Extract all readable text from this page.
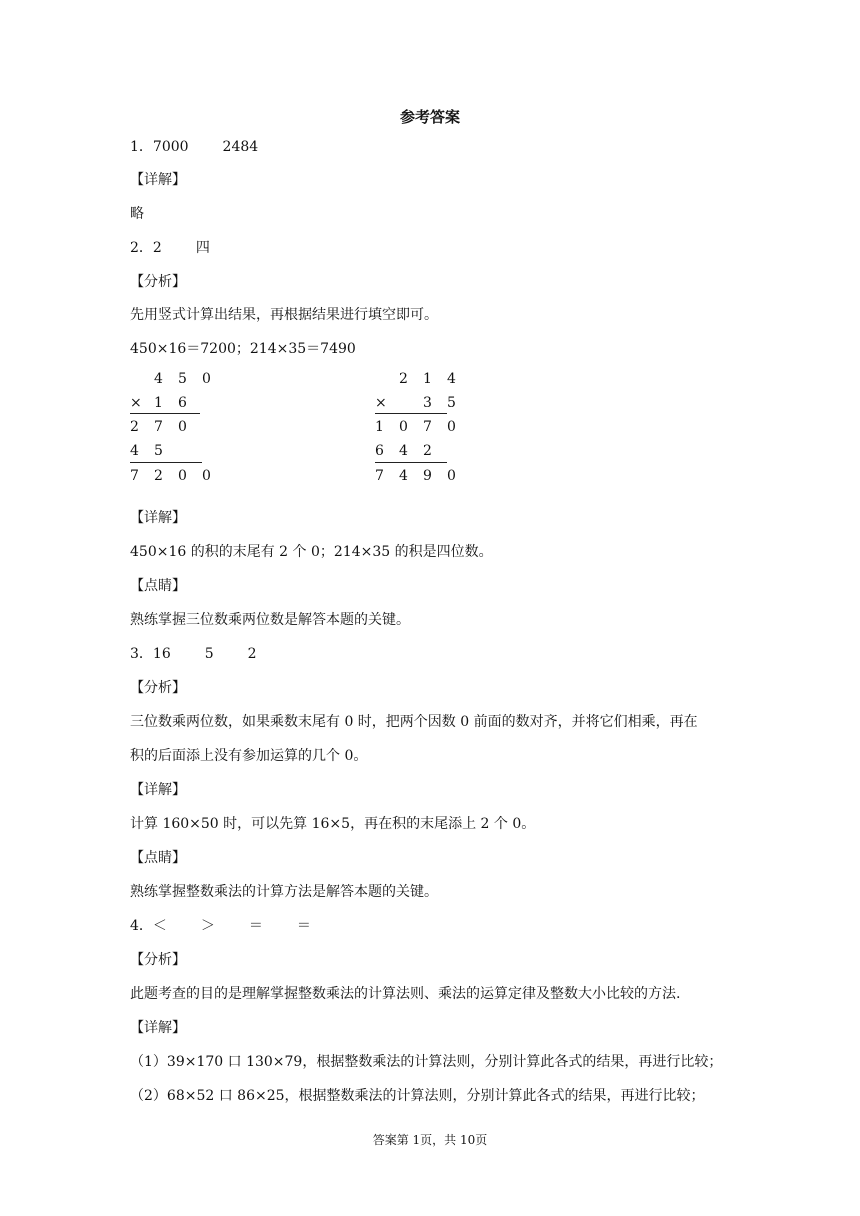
参考答案
1．7000 2484
【详解】
略
2．2 四
【分析】
先用竖式计算出结果，再根据结果进行填空即可。
450×16＝7200；214×35＝7490
4 5 0
× 1 6
2 7 0
4 5
7 2 0 0
2 1 4
×	3 5
1 0 7 0
6 4 2
7 4 9 0
【详解】
450×16 的积的末尾有 2 个 0；214×35 的积是四位数。
【点睛】
熟练掌握三位数乘两位数是解答本题的关键。
3．16 5 2
【分析】
三位数乘两位数，如果乘数末尾有 0 时，把两个因数 0 前面的数对齐，并将它们相乘，再在
积的后面添上没有参加运算的几个 0。
【详解】
计算 160×50 时，可以先算 16×5，再在积的末尾添上 2 个 0。
【点睛】
熟练掌握整数乘法的计算方法是解答本题的关键。
4．＜ ＞ ＝ ＝
【分析】
此题考查的目的是理解掌握整数乘法的计算法则、乘法的运算定律及整数大小比较的方法.
【详解】
（1）39×170 口 130×79，根据整数乘法的计算法则，分别计算此各式的结果，再进行比较；
（2）68×52 口 86×25，根据整数乘法的计算法则，分别计算此各式的结果，再进行比较；
答案第 1页，共 10页
